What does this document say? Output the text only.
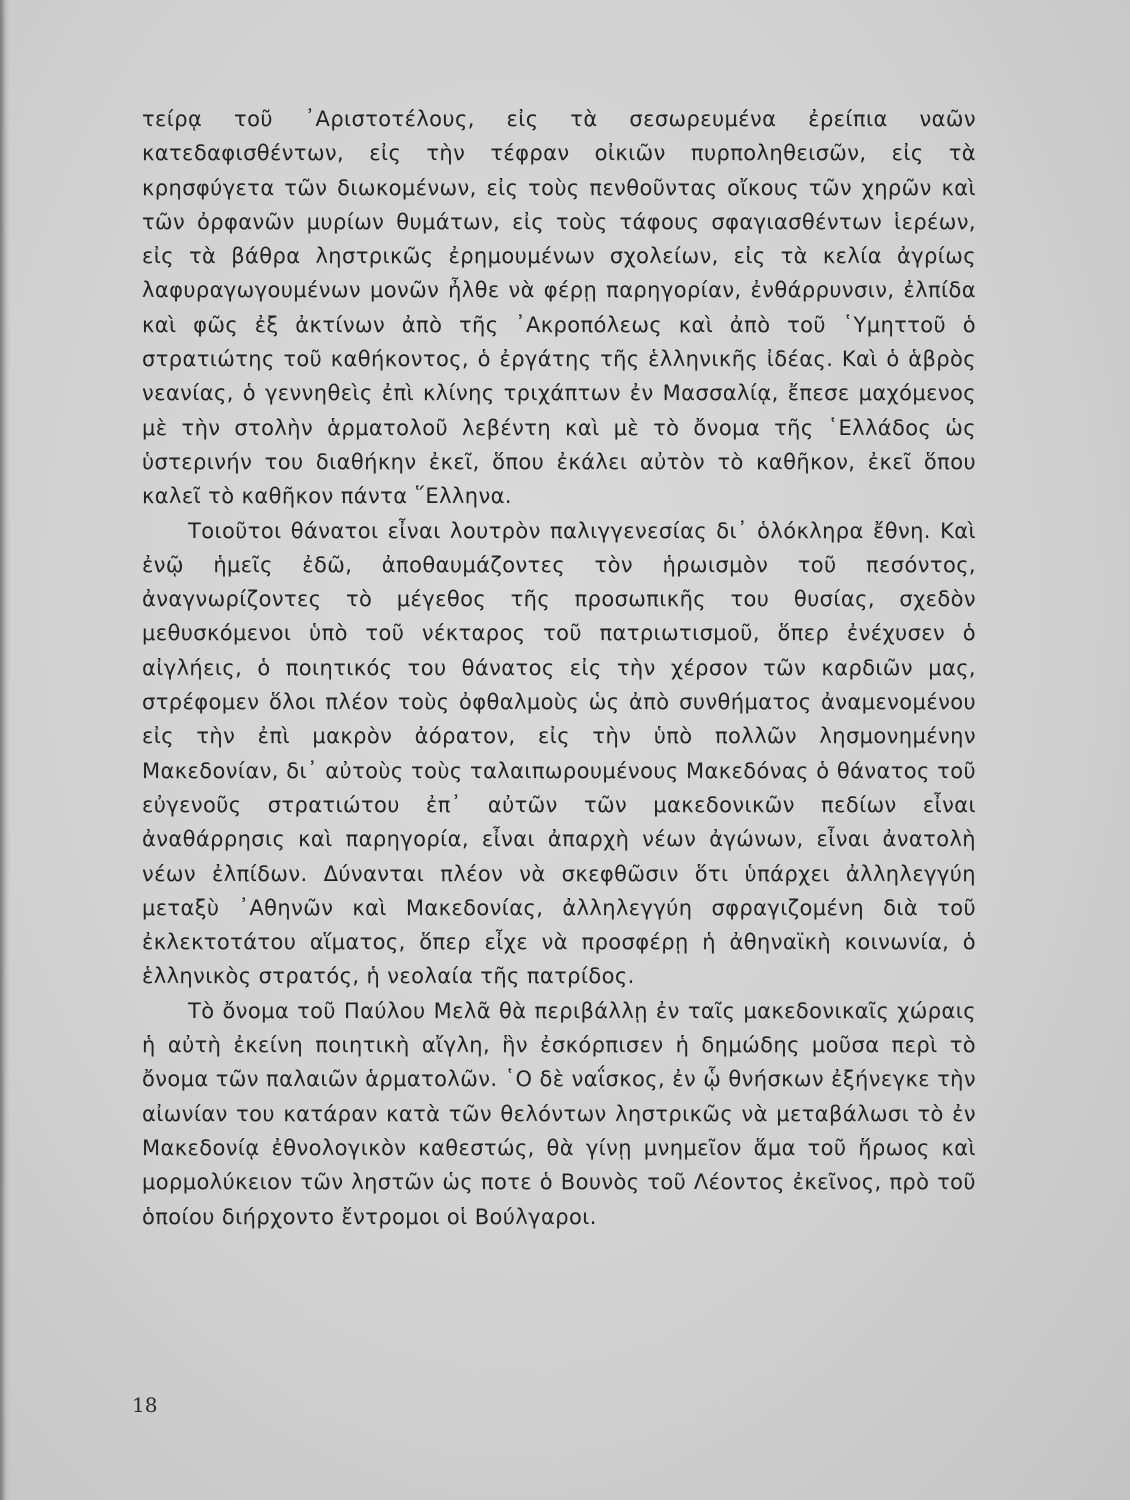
τείρᾳ τοῦ ᾿Αριστοτέλους, εἰς τὰ σεσωρευμένα ἐρείπια ναῶν κατεδαφισθέντων, εἰς τὴν τέφραν οἰκιῶν πυρποληθεισῶν, εἰς τὰ κρησφύγετα τῶν διωκομένων, εἰς τοὺς πενθοῦντας οἴκους τῶν χηρῶν καὶ τῶν ὀρφανῶν μυρίων θυμάτων, εἰς τοὺς τάφους σφαγιασθέντων ἱερέων, εἰς τὰ βάθρα ληστρικῶς ἐρημουμένων σχολείων, εἰς τὰ κελία ἀγρίως λαφυραγωγουμένων μονῶν ἦλθε νὰ φέρῃ παρηγορίαν, ἐνθάρρυνσιν, ἐλπίδα καὶ φῶς ἐξ ἀκτίνων ἀπὸ τῆς ᾿Ακροπόλεως καὶ ἀπὸ τοῦ ῾Υμηττοῦ ὁ στρατιώτης τοῦ καθήκοντος, ὁ ἐργάτης τῆς ἑλληνικῆς ἰδέας. Καὶ ὁ ἁβρὸς νεανίας, ὁ γεννηθεὶς ἐπὶ κλίνης τριχάπτων ἐν Μασσαλίᾳ, ἔπεσε μαχόμενος μὲ τὴν στολὴν ἁρματολοῦ λεβέντη καὶ μὲ τὸ ὄνομα τῆς ῾Ελλάδος ὡς ὑστερινήν του διαθήκην ἐκεῖ, ὅπου ἐκάλει αὐτὸν τὸ καθῆκον, ἐκεῖ ὅπου καλεῖ τὸ καθῆκον πάντα ῞Ελληνα.

Τοιοῦτοι θάνατοι εἶναι λουτρὸν παλιγγενεσίας δι᾿ ὁλόκληρα ἔθνη. Καὶ ἐνῷ ἡμεῖς ἐδῶ, ἀποθαυμάζοντες τὸν ἡρωισμὸν τοῦ πεσόντος, ἀναγνωρίζοντες τὸ μέγεθος τῆς προσωπικῆς του θυσίας, σχεδὸν μεθυσκόμενοι ὑπὸ τοῦ νέκταρος τοῦ πατριωτισμοῦ, ὅπερ ἐνέχυσεν ὁ αἰγλήεις, ὁ ποιητικός του θάνατος εἰς τὴν χέρσον τῶν καρδιῶν μας, στρέφομεν ὅλοι πλέον τοὺς ὀφθαλμοὺς ὡς ἀπὸ συνθήματος ἀναμενομένου εἰς τὴν ἐπὶ μακρὸν ἀόρατον, εἰς τὴν ὑπὸ πολλῶν λησμονημένην Μακεδονίαν, δι᾿ αὐτοὺς τοὺς ταλαιπωρουμένους Μακεδόνας ὁ θάνατος τοῦ εὐγενοῦς στρατιώτου ἐπ᾿ αὐτῶν τῶν μακεδονικῶν πεδίων εἶναι ἀναθάρρησις καὶ παρηγορία, εἶναι ἀπαρχὴ νέων ἀγώνων, εἶναι ἀνατολὴ νέων ἐλπίδων. Δύνανται πλέον νὰ σκεφθῶσιν ὅτι ὑπάρχει ἀλληλεγγύη μεταξὺ ᾿Αθηνῶν καὶ Μακεδονίας, ἀλληλεγγύη σφραγιζομένη διὰ τοῦ ἐκλεκτοτάτου αἵματος, ὅπερ εἶχε νὰ προσφέρῃ ἡ ἀθηναϊκὴ κοινωνία, ὁ ἑλληνικὸς στρατός, ἡ νεολαία τῆς πατρίδος.

Τὸ ὄνομα τοῦ Παύλου Μελᾶ θὰ περιβάλλῃ ἐν ταῖς μακεδονικαῖς χώραις ἡ αὐτὴ ἐκείνη ποιητικὴ αἴγλη, ἣν ἐσκόρπισεν ἡ δημώδης μοῦσα περὶ τὸ ὄνομα τῶν παλαιῶν ἁρματολῶν. ῾Ο δὲ ναΐσκος, ἐν ᾧ θνήσκων ἐξήνεγκε τὴν αἰωνίαν του κατάραν κατὰ τῶν θελόντων ληστρικῶς νὰ μεταβάλωσι τὸ ἐν Μακεδονίᾳ ἐθνολογικὸν καθεστώς, θὰ γίνῃ μνημεῖον ἅμα τοῦ ἥρωος καὶ μορμολύκειον τῶν ληστῶν ὡς ποτε ὁ Βουνὸς τοῦ Λέοντος ἐκεῖνος, πρὸ τοῦ ὁποίου διήρχοντο ἔντρομοι οἱ Βούλγαροι.

18
